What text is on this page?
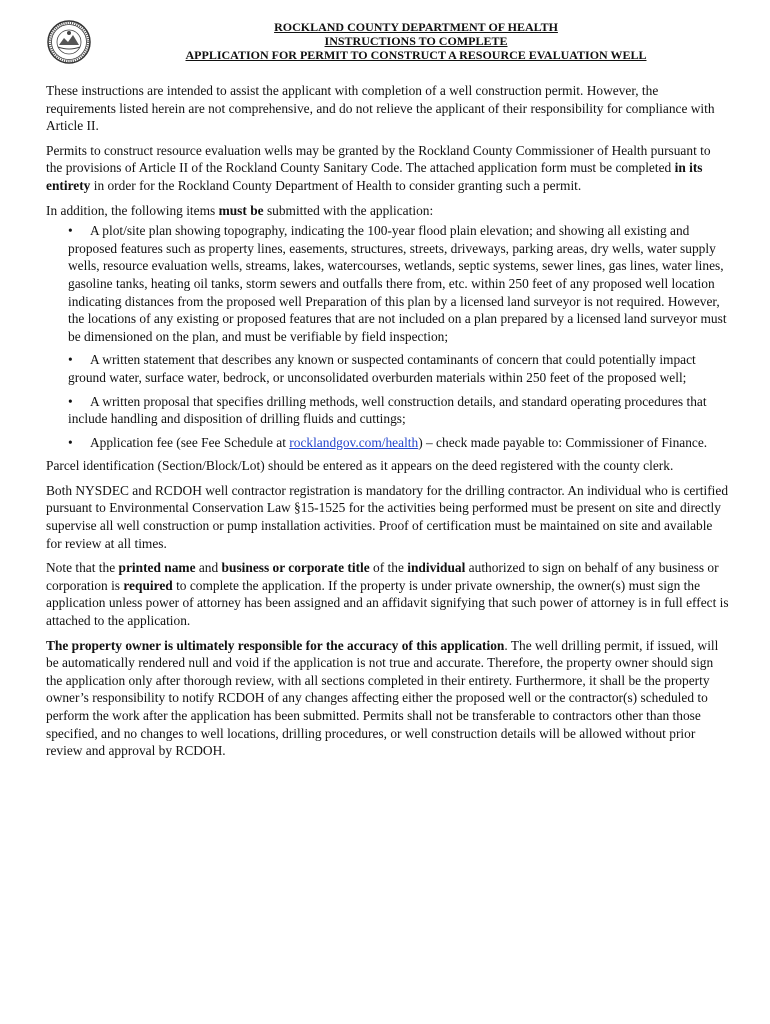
ROCKLAND COUNTY DEPARTMENT OF HEALTH
INSTRUCTIONS TO COMPLETE
APPLICATION FOR PERMIT TO CONSTRUCT A RESOURCE EVALUATION WELL

These instructions are intended to assist the applicant with completion of a well construction permit. However, the requirements listed herein are not comprehensive, and do not relieve the applicant of their responsibility for compliance with Article II.

Permits to construct resource evaluation wells may be granted by the Rockland County Commissioner of Health pursuant to the provisions of Article II of the Rockland County Sanitary Code. The attached application form must be completed in its entirety in order for the Rockland County Department of Health to consider granting such a permit.

In addition, the following items must be submitted with the application:

• A plot/site plan showing topography, indicating the 100-year flood plain elevation; and showing all existing and proposed features such as property lines, easements, structures, streets, driveways, parking areas, dry wells, water supply wells, resource evaluation wells, streams, lakes, watercourses, wetlands, septic systems, sewer lines, gas lines, water lines, gasoline tanks, heating oil tanks, storm sewers and outfalls there from, etc. within 250 feet of any proposed well location indicating distances from the proposed well Preparation of this plan by a licensed land surveyor is not required. However, the locations of any existing or proposed features that are not included on a plan prepared by a licensed land surveyor must be dimensioned on the plan, and must be verifiable by field inspection;
• A written statement that describes any known or suspected contaminants of concern that could potentially impact ground water, surface water, bedrock, or unconsolidated overburden materials within 250 feet of the proposed well;
• A written proposal that specifies drilling methods, well construction details, and standard operating procedures that include handling and disposition of drilling fluids and cuttings;
• Application fee (see Fee Schedule at rocklandgov.com/health) – check made payable to: Commissioner of Finance.

Parcel identification (Section/Block/Lot) should be entered as it appears on the deed registered with the county clerk.

Both NYSDEC and RCDOH well contractor registration is mandatory for the drilling contractor. An individual who is certified pursuant to Environmental Conservation Law §15-1525 for the activities being performed must be present on site and directly supervise all well construction or pump installation activities. Proof of certification must be maintained on site and available for review at all times.

Note that the printed name and business or corporate title of the individual authorized to sign on behalf of any business or corporation is required to complete the application. If the property is under private ownership, the owner(s) must sign the application unless power of attorney has been assigned and an affidavit signifying that such power of attorney is in full effect is attached to the application.

The property owner is ultimately responsible for the accuracy of this application. The well drilling permit, if issued, will be automatically rendered null and void if the application is not true and accurate. Therefore, the property owner should sign the application only after thorough review, with all sections completed in their entirety. Furthermore, it shall be the property owner’s responsibility to notify RCDOH of any changes affecting either the proposed well or the contractor(s) scheduled to perform the work after the application has been submitted. Permits shall not be transferable to contractors other than those specified, and no changes to well locations, drilling procedures, or well construction details will be allowed without prior review and approval by RCDOH.
